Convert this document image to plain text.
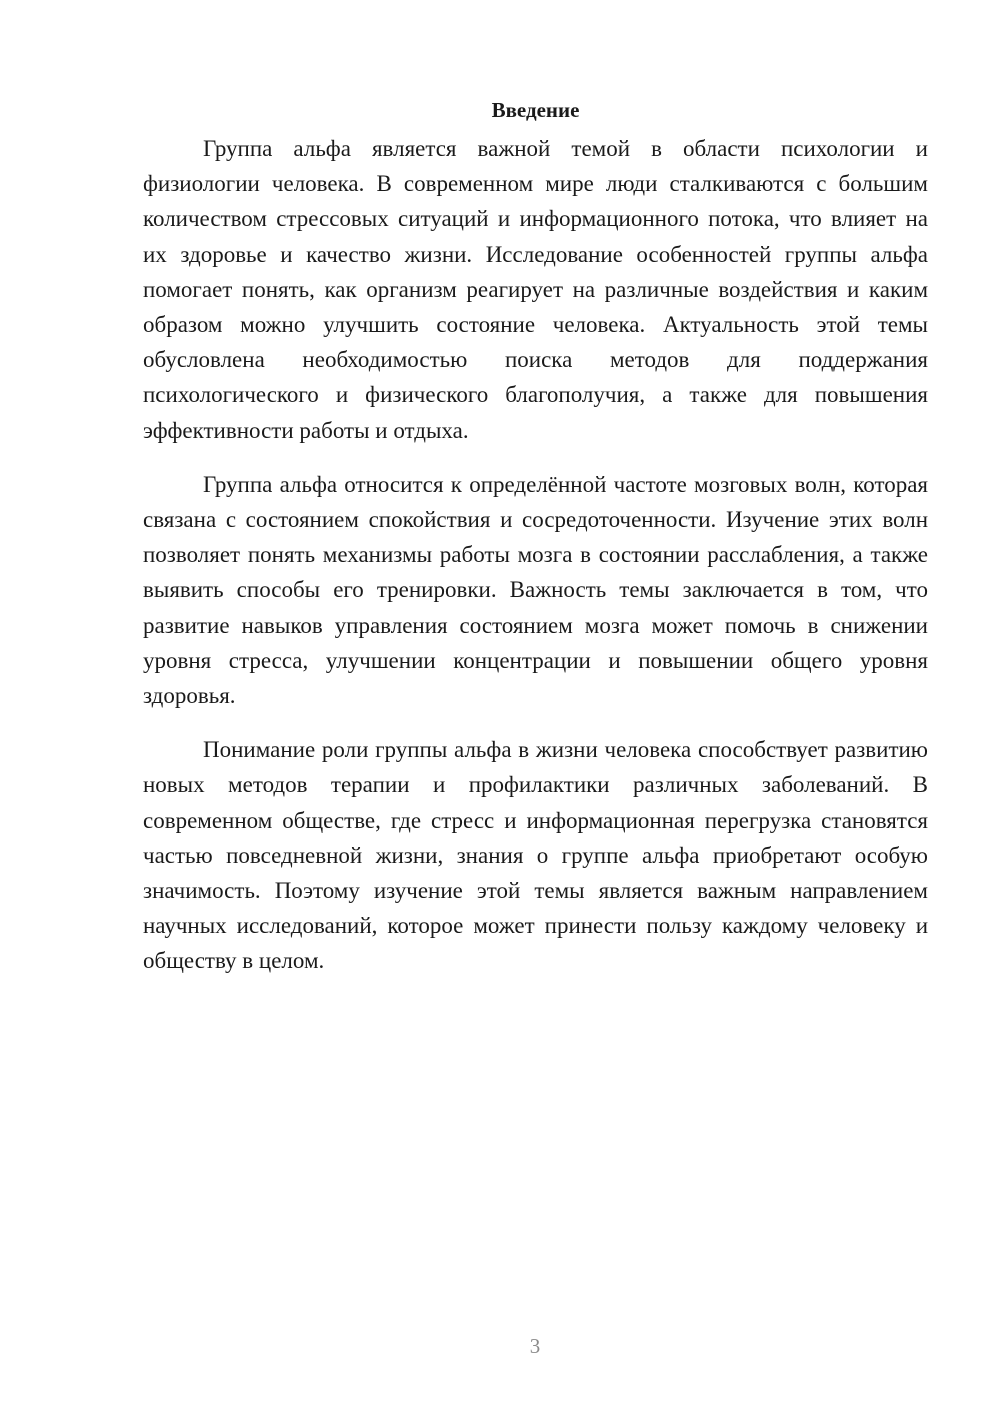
Введение

Группа альфа является важной темой в области психологии и физиологии человека. В современном мире люди сталкиваются с большим количеством стрессовых ситуаций и информационного потока, что влияет на их здоровье и качество жизни. Исследование особенностей группы альфа помогает понять, как организм реагирует на различные воздействия и каким образом можно улучшить состояние человека. Актуальность этой темы обусловлена необходимостью поиска методов для поддержания психологического и физического благополучия, а также для повышения эффективности работы и отдыха.

Группа альфа относится к определённой частоте мозговых волн, которая связана с состоянием спокойствия и сосредоточенности. Изучение этих волн позволяет понять механизмы работы мозга в состоянии расслабления, а также выявить способы его тренировки. Важность темы заключается в том, что развитие навыков управления состоянием мозга может помочь в снижении уровня стресса, улучшении концентрации и повышении общего уровня здоровья.

Понимание роли группы альфа в жизни человека способствует развитию новых методов терапии и профилактики различных заболеваний. В современном обществе, где стресс и информационная перегрузка становятся частью повседневной жизни, знания о группе альфа приобретают особую значимость. Поэтому изучение этой темы является важным направлением научных исследований, которое может принести пользу каждому человеку и обществу в целом.

3
